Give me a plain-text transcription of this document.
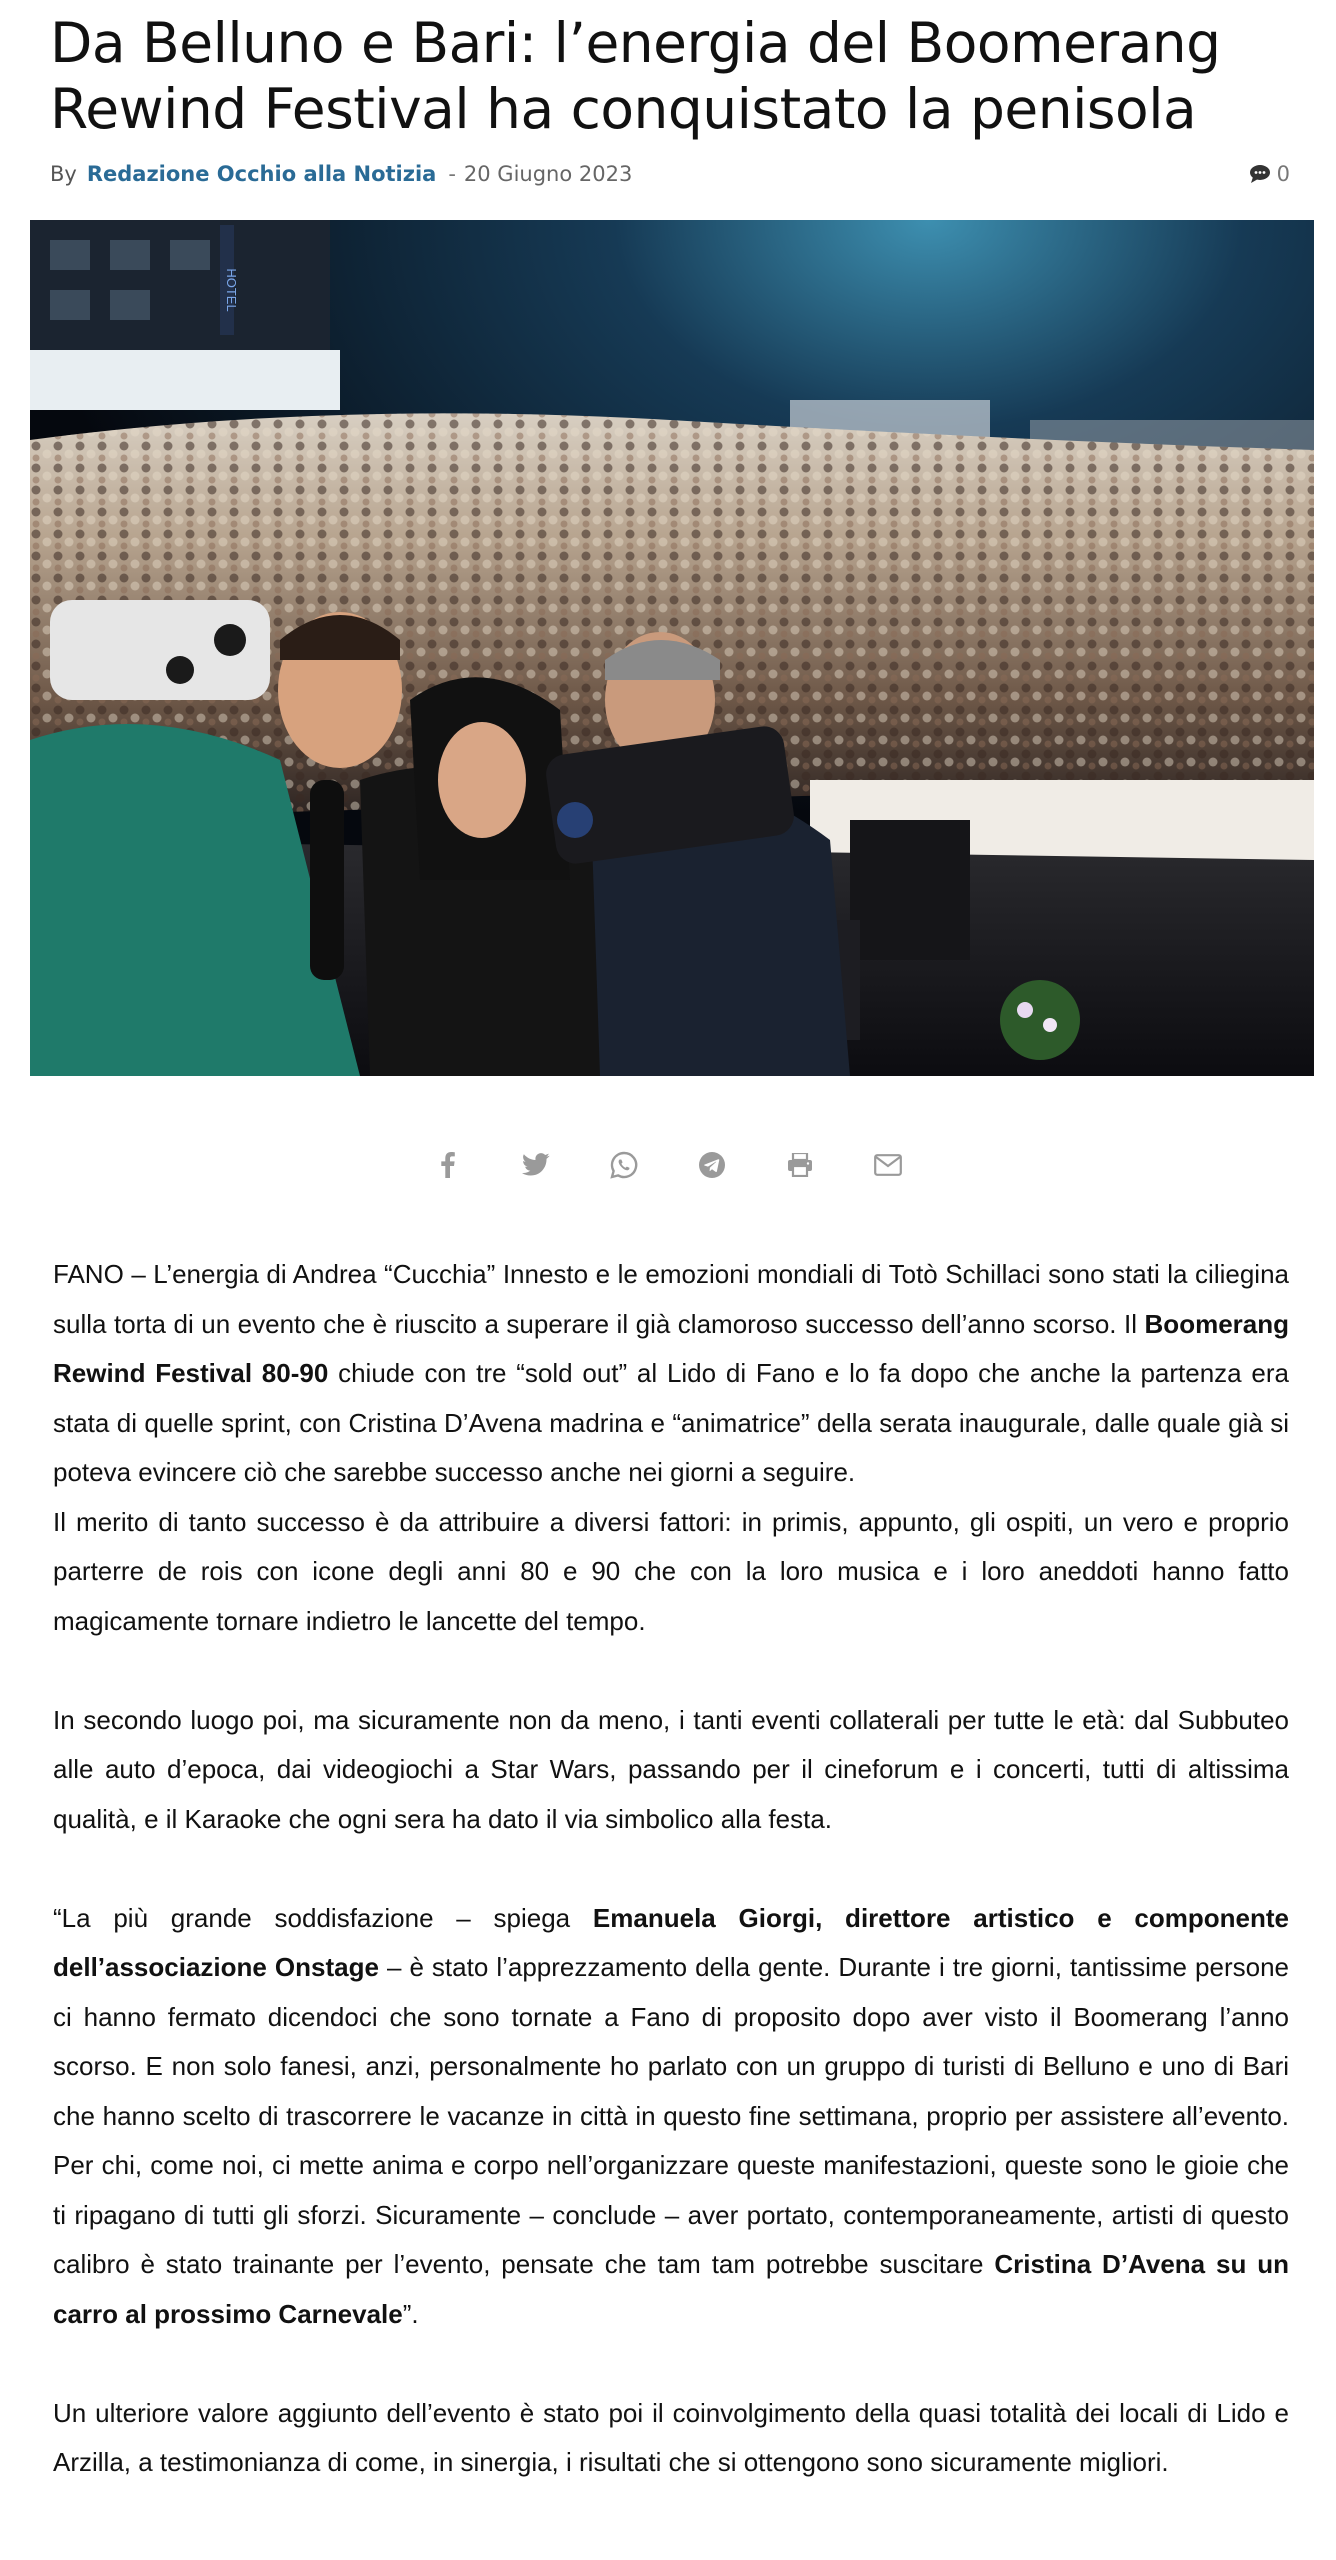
Da Belluno e Bari: l’energia del Boomerang Rewind Festival ha conquistato la penisola
By Redazione Occhio alla Notizia - 20 Giugno 2023	0
HOTEL

FANO – L’energia di Andrea “Cucchia” Innesto e le emozioni mondiali di Totò Schillaci sono stati la ciliegina sulla torta di un evento che è riuscito a superare il già clamoroso successo dell’anno scorso. Il Boomerang Rewind Festival 80-90 chiude con tre “sold out” al Lido di Fano e lo fa dopo che anche la partenza era stata di quelle sprint, con Cristina D’Avena madrina e “animatrice” della serata inaugurale, dalle quale già si poteva evincere ciò che sarebbe successo anche nei giorni a seguire.

Il merito di tanto successo è da attribuire a diversi fattori: in primis, appunto, gli ospiti, un vero e proprio parterre de rois con icone degli anni 80 e 90 che con la loro musica e i loro aneddoti hanno fatto magicamente tornare indietro le lancette del tempo.

In secondo luogo poi, ma sicuramente non da meno, i tanti eventi collaterali per tutte le età: dal Subbuteo alle auto d’epoca, dai videogiochi a Star Wars, passando per il cineforum e i concerti, tutti di altissima qualità, e il Karaoke che ogni sera ha dato il via simbolico alla festa.

“La più grande soddisfazione – spiega Emanuela Giorgi, direttore artistico e componente dell’associazione Onstage – è stato l’apprezzamento della gente. Durante i tre giorni, tantissime persone ci hanno fermato dicendoci che sono tornate a Fano di proposito dopo aver visto il Boomerang l’anno scorso. E non solo fanesi, anzi, personalmente ho parlato con un gruppo di turisti di Belluno e uno di Bari che hanno scelto di trascorrere le vacanze in città in questo fine settimana, proprio per assistere all’evento. Per chi, come noi, ci mette anima e corpo nell’organizzare queste manifestazioni, queste sono le gioie che ti ripagano di tutti gli sforzi. Sicuramente – conclude – aver portato, contemporaneamente, artisti di questo calibro è stato trainante per l’evento, pensate che tam tam potrebbe suscitare Cristina D’Avena su un carro al prossimo Carnevale”.

Un ulteriore valore aggiunto dell’evento è stato poi il coinvolgimento della quasi totalità dei locali di Lido e Arzilla, a testimonianza di come, in sinergia, i risultati che si ottengono sono sicuramente migliori.
